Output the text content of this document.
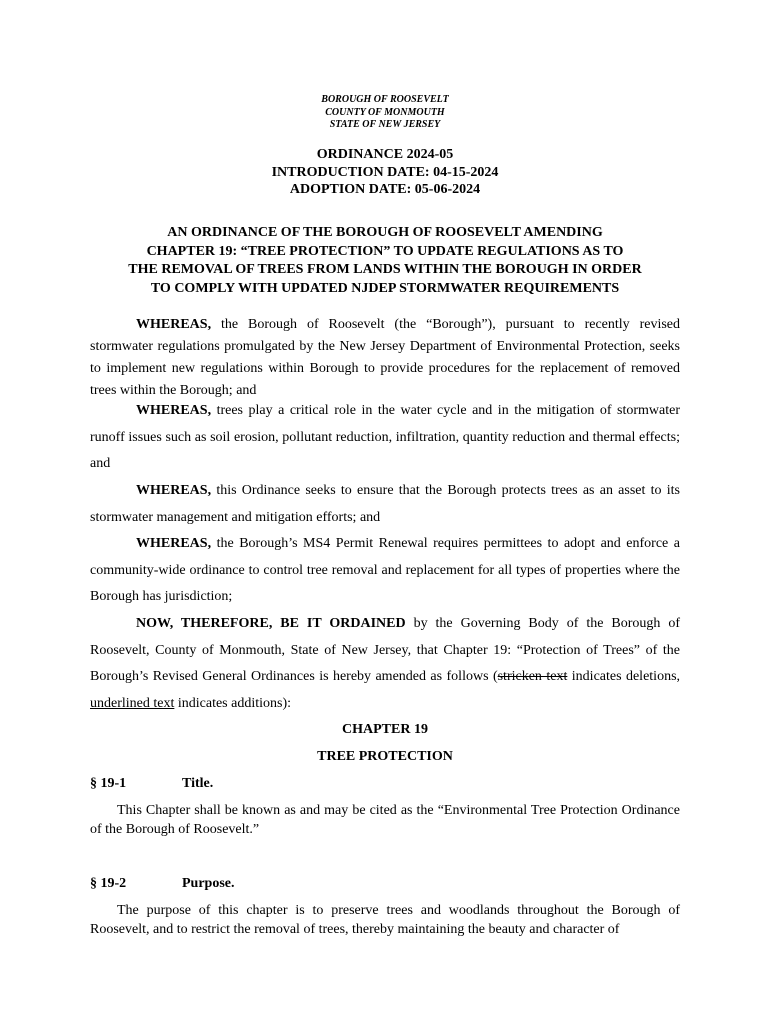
BOROUGH OF ROOSEVELT
COUNTY OF MONMOUTH
STATE OF NEW JERSEY
ORDINANCE 2024-05
INTRODUCTION DATE: 04-15-2024
ADOPTION DATE: 05-06-2024
AN ORDINANCE OF THE BOROUGH OF ROOSEVELT AMENDING
CHAPTER 19: “TREE PROTECTION” TO UPDATE REGULATIONS AS TO
THE REMOVAL OF TREES FROM LANDS WITHIN THE BOROUGH IN ORDER
TO COMPLY WITH UPDATED NJDEP STORMWATER REQUIREMENTS
WHEREAS, the Borough of Roosevelt (the “Borough”), pursuant to recently revised stormwater regulations promulgated by the New Jersey Department of Environmental Protection, seeks to implement new regulations within Borough to provide procedures for the replacement of removed trees within the Borough; and
WHEREAS, trees play a critical role in the water cycle and in the mitigation of stormwater runoff issues such as soil erosion, pollutant reduction, infiltration, quantity reduction and thermal effects; and
WHEREAS, this Ordinance seeks to ensure that the Borough protects trees as an asset to its stormwater management and mitigation efforts; and
WHEREAS, the Borough’s MS4 Permit Renewal requires permittees to adopt and enforce a community-wide ordinance to control tree removal and replacement for all types of properties where the Borough has jurisdiction;
NOW, THEREFORE, BE IT ORDAINED by the Governing Body of the Borough of Roosevelt, County of Monmouth, State of New Jersey, that Chapter 19: “Protection of Trees” of the Borough’s Revised General Ordinances is hereby amended as follows (stricken text indicates deletions, underlined text indicates additions):
CHAPTER 19
TREE PROTECTION
§ 19-1	Title.
This Chapter shall be known as and may be cited as the “Environmental Tree Protection Ordinance of the Borough of Roosevelt.”
§ 19-2	Purpose.
The purpose of this chapter is to preserve trees and woodlands throughout the Borough of Roosevelt, and to restrict the removal of trees, thereby maintaining the beauty and character of
